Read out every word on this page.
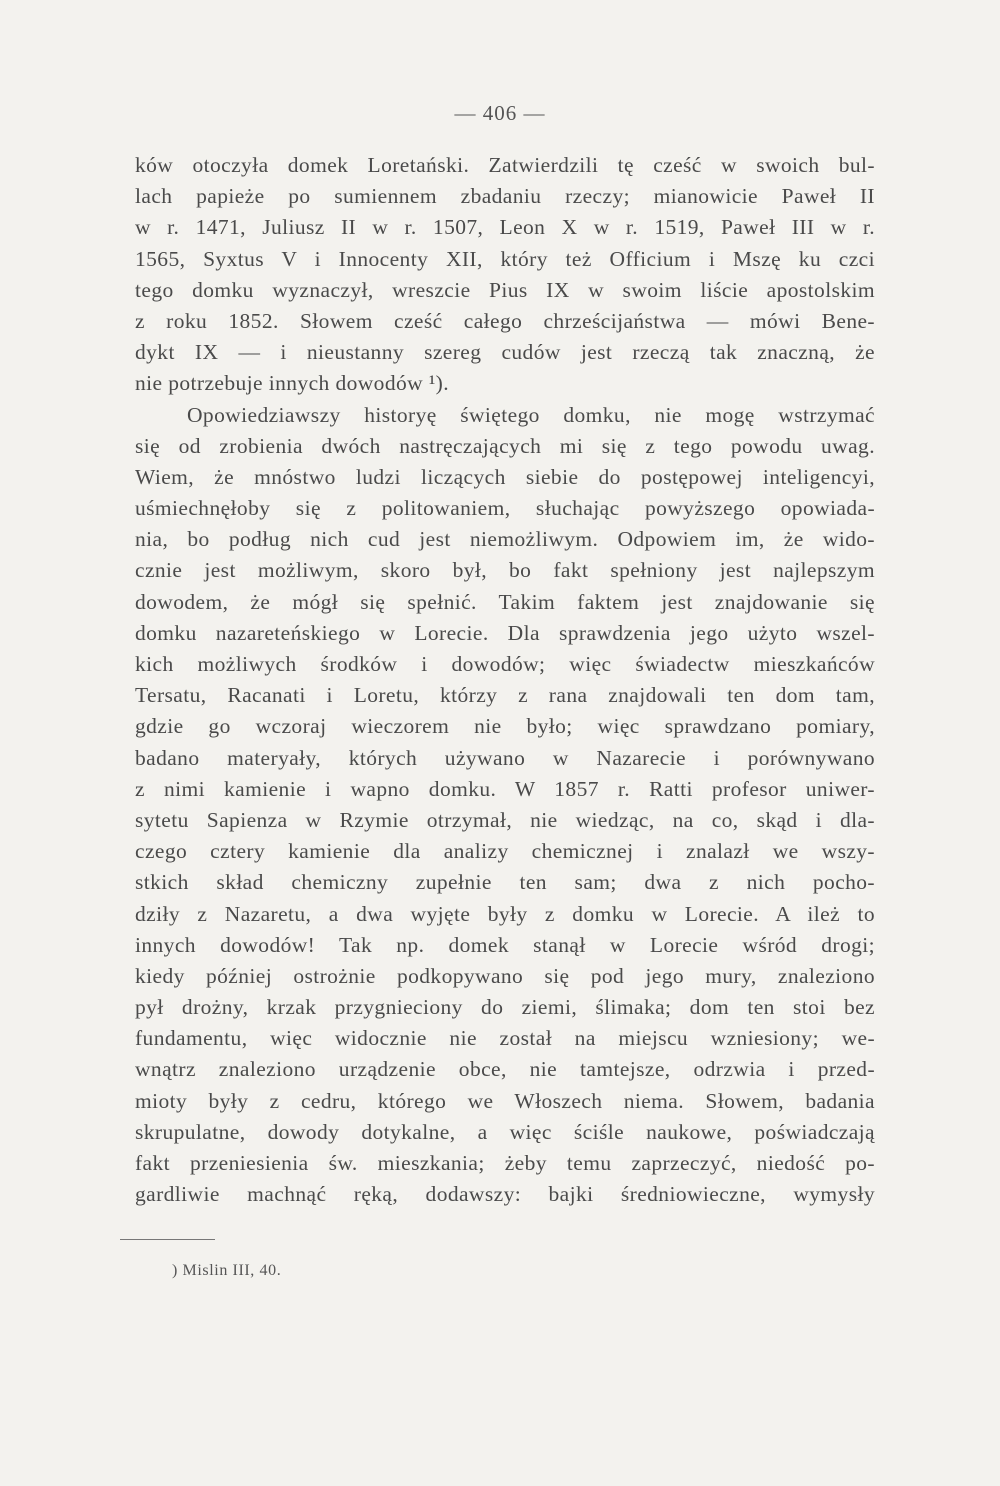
— 406 —
ków otoczyła domek Loretański. Zatwierdzili tę cześć w swoich bul-
lach papieże po sumiennem zbadaniu rzeczy; mianowicie Paweł II
w r. 1471, Juliusz II w r. 1507, Leon X w r. 1519, Paweł III w r.
1565, Syxtus V i Innocenty XII, który też Officium i Mszę ku czci
tego domku wyznaczył, wreszcie Pius IX w swoim liście apostolskim
z roku 1852. Słowem cześć całego chrześcijaństwa — mówi Bene-
dykt IX — i nieustanny szereg cudów jest rzeczą tak znaczną, że
nie potrzebuje innych dowodów ¹).
Opowiedziawszy historyę świętego domku, nie mogę wstrzymać
się od zrobienia dwóch nastręczających mi się z tego powodu uwag.
Wiem, że mnóstwo ludzi liczących siebie do postępowej inteligencyi,
uśmiechnęłoby się z politowaniem, słuchając powyższego opowiada-
nia, bo podług nich cud jest niemożliwym. Odpowiem im, że wido-
cznie jest możliwym, skoro był, bo fakt spełniony jest najlepszym
dowodem, że mógł się spełnić. Takim faktem jest znajdowanie się
domku nazareteńskiego w Lorecie. Dla sprawdzenia jego użyto wszel-
kich możliwych środków i dowodów; więc świadectw mieszkańców
Tersatu, Racanati i Loretu, którzy z rana znajdowali ten dom tam,
gdzie go wczoraj wieczorem nie było; więc sprawdzano pomiary,
badano materyały, których używano w Nazarecie i porównywano
z nimi kamienie i wapno domku. W 1857 r. Ratti profesor uniwer-
sytetu Sapienza w Rzymie otrzymał, nie wiedząc, na co, skąd i dla-
czego cztery kamienie dla analizy chemicznej i znalazł we wszy-
stkich skład chemiczny zupełnie ten sam; dwa z nich pocho-
dziły z Nazaretu, a dwa wyjęte były z domku w Lorecie. A ileż to
innych dowodów! Tak np. domek stanął w Lorecie wśród drogi;
kiedy później ostrożnie podkopywano się pod jego mury, znaleziono
pył drożny, krzak przygnieciony do ziemi, ślimaka; dom ten stoi bez
fundamentu, więc widocznie nie został na miejscu wzniesiony; we-
wnątrz znaleziono urządzenie obce, nie tamtejsze, odrzwia i przed-
mioty były z cedru, którego we Włoszech niema. Słowem, badania
skrupulatne, dowody dotykalne, a więc ściśle naukowe, poświadczają
fakt przeniesienia św. mieszkania; żeby temu zaprzeczyć, niedość po-
gardliwie machnąć ręką, dodawszy: bajki średniowieczne, wymysły
) Mislin III, 40.
